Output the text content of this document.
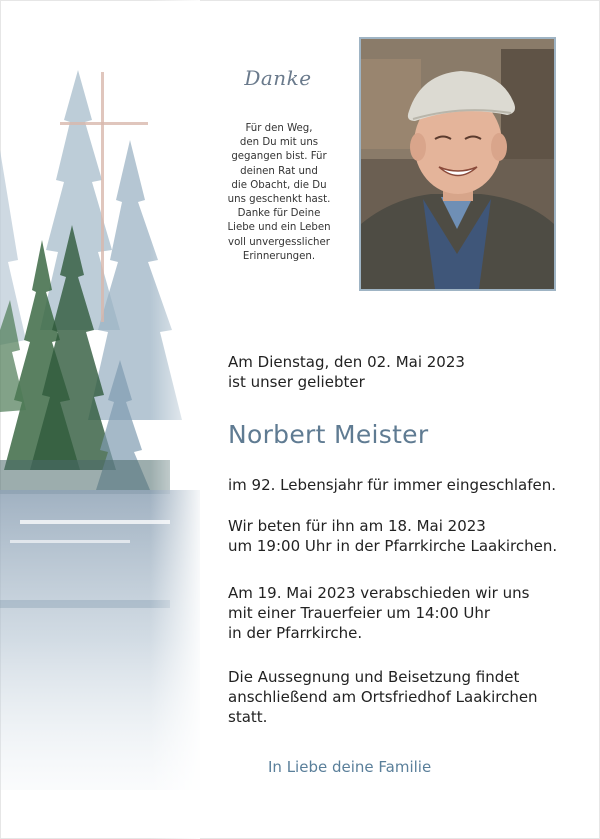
Danke
Für den Weg,
den Du mit uns
gegangen bist. Für
deinen Rat und
die Obacht, die Du
uns geschenkt hast.
Danke für Deine
Liebe und ein Leben
voll unvergesslicher
Erinnerungen.
Am Dienstag, den 02. Mai 2023
ist unser geliebter
Norbert Meister
im 92. Lebensjahr für immer eingeschlafen.
Wir beten für ihn am 18. Mai 2023
um 19:00 Uhr in der Pfarrkirche Laakirchen.
Am 19. Mai 2023 verabschieden wir uns
mit einer Trauerfeier um 14:00 Uhr
in der Pfarrkirche.
Die Aussegnung und Beisetzung findet
anschließend am Ortsfriedhof Laakirchen
statt.
In Liebe deine Familie
